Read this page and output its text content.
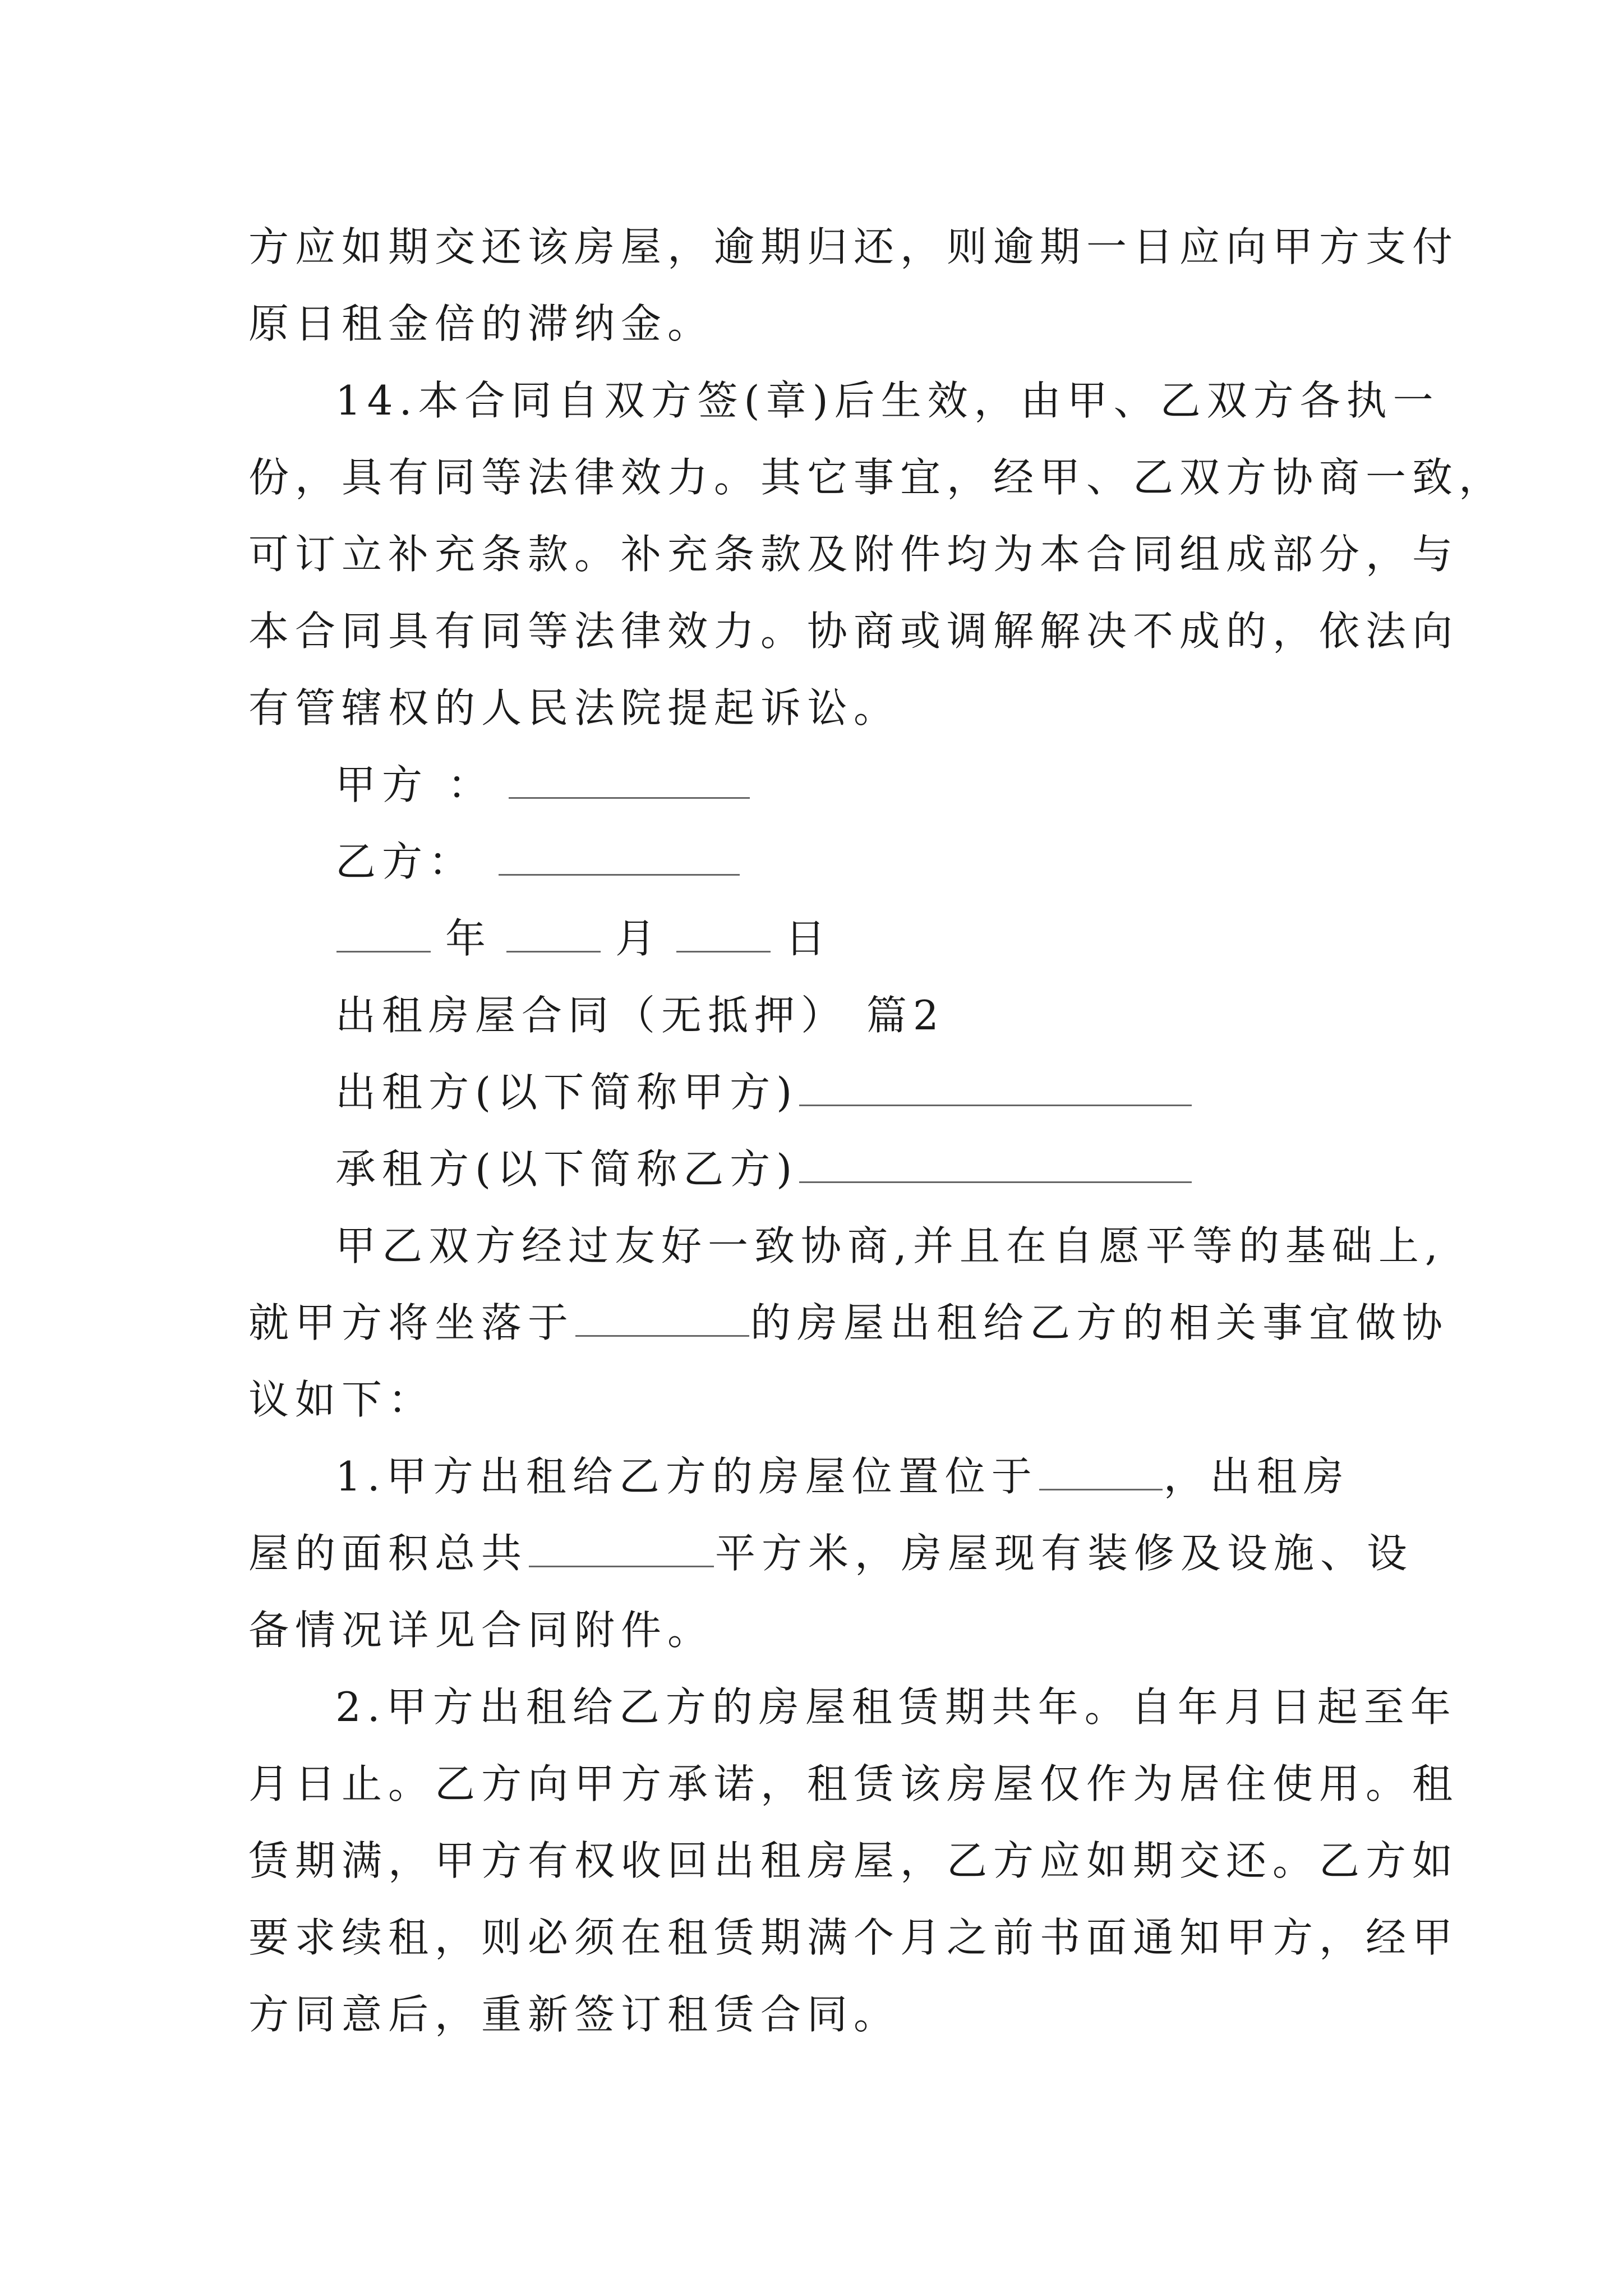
方应如期交还该房屋，逾期归还，则逾期一日应向甲方支付
原日租金倍的滞纳金。
14.本合同自双方签(章)后生效，由甲、乙双方各执一
份，具有同等法律效力。其它事宜，经甲、乙双方协商一致，
可订立补充条款。补充条款及附件均为本合同组成部分，与
本合同具有同等法律效力。协商或调解解决不成的，依法向
有管辖权的人民法院提起诉讼。
甲方 ：
乙方：
年	月	日
出租房屋合同（无抵押） 篇2
出租方(以下简称甲方)
承租方(以下简称乙方)
甲乙双方经过友好一致协商,并且在自愿平等的基础上,
就甲方将坐落于	的房屋出租给乙方的相关事宜做协
议如下：
1.甲方出租给乙方的房屋位置位于	，出租房
屋的面积总共	平方米，房屋现有装修及设施、设
备情况详见合同附件。
2.甲方出租给乙方的房屋租赁期共年。自年月日起至年
月日止。乙方向甲方承诺，租赁该房屋仅作为居住使用。租
赁期满，甲方有权收回出租房屋，乙方应如期交还。乙方如
要求续租，则必须在租赁期满个月之前书面通知甲方，经甲
方同意后，重新签订租赁合同。
